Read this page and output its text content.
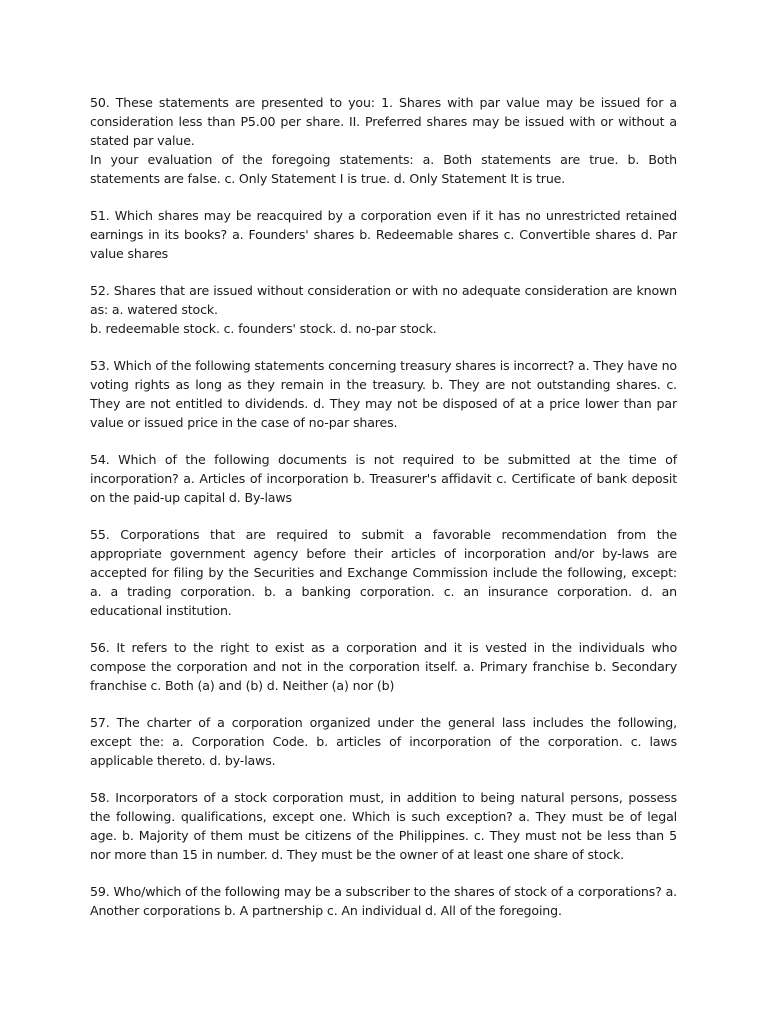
50. These statements are presented to you: 1. Shares with par value may be issued for a consideration less than P5.00 per share. II. Preferred shares may be issued with or without a stated par value.

In your evaluation of the foregoing statements: a. Both statements are true. b. Both statements are false. c. Only Statement I is true. d. Only Statement It is true.

51. Which shares may be reacquired by a corporation even if it has no unrestricted retained earnings in its books? a. Founders' shares b. Redeemable shares c. Convertible shares d. Par value shares

52. Shares that are issued without consideration or with no adequate consideration are known as: a. watered stock.

b. redeemable stock. c. founders' stock. d. no-par stock.

53. Which of the following statements concerning treasury shares is incorrect? a. They have no voting rights as long as they remain in the treasury. b. They are not outstanding shares. c. They are not entitled to dividends. d. They may not be disposed of at a price lower than par value or issued price in the case of no-par shares.

54. Which of the following documents is not required to be submitted at the time of incorporation? a. Articles of incorporation b. Treasurer's affidavit c. Certificate of bank deposit on the paid-up capital d. By-laws

55. Corporations that are required to submit a favorable recommendation from the appropriate government agency before their articles of incorporation and/or by-laws are accepted for filing by the Securities and Exchange Commission include the following, except: a. a trading corporation. b. a banking corporation. c. an insurance corporation. d. an educational institution.

56. It refers to the right to exist as a corporation and it is vested in the individuals who compose the corporation and not in the corporation itself. a. Primary franchise b. Secondary franchise c. Both (a) and (b) d. Neither (a) nor (b)

57. The charter of a corporation organized under the general lass includes the following, except the: a. Corporation Code. b. articles of incorporation of the corporation. c. laws applicable thereto. d. by-laws.

58. Incorporators of a stock corporation must, in addition to being natural persons, possess the following. qualifications, except one. Which is such exception? a. They must be of legal age. b. Majority of them must be citizens of the Philippines. c. They must not be less than 5 nor more than 15 in number. d. They must be the owner of at least one share of stock.

59. Who/which of the following may be a subscriber to the shares of stock of a corporations? a. Another corporations b. A partnership c. An individual d. All of the foregoing.
